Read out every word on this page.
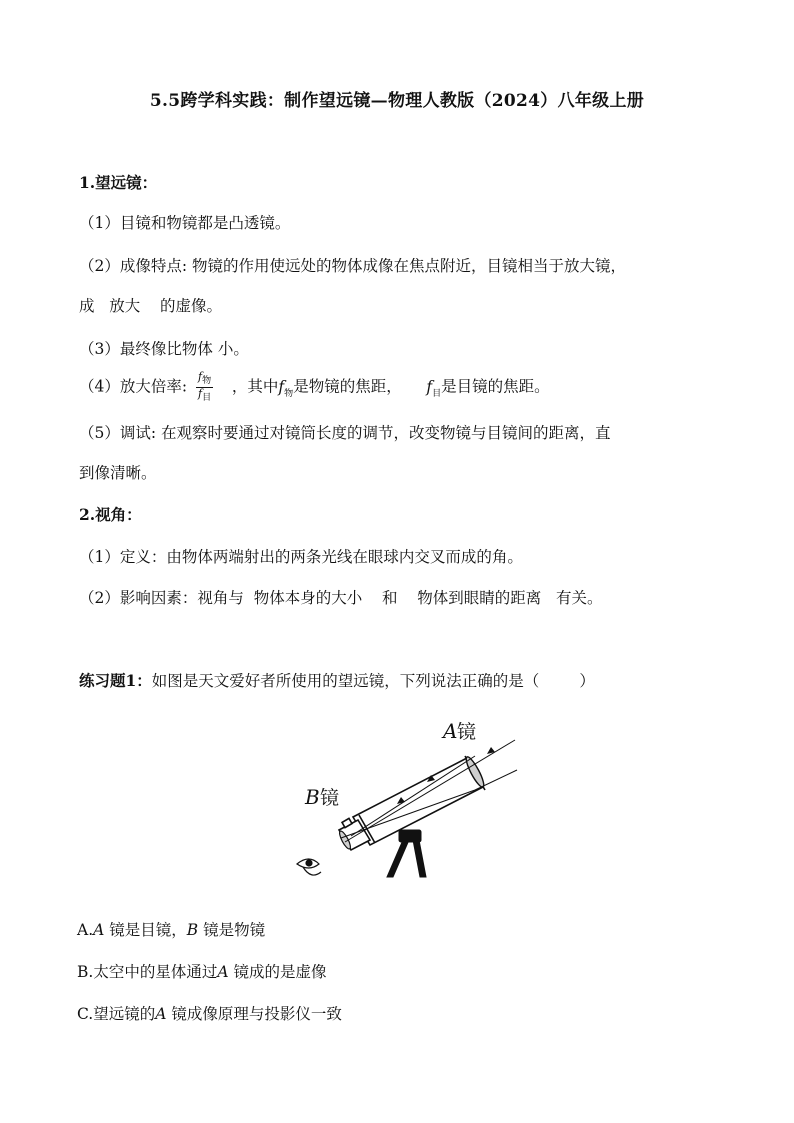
5.5跨学科实践：制作望远镜—物理人教版（2024）八年级上册
1.望远镜：
（1）目镜和物镜都是凸透镜。
（2）成像特点: 物镜的作用使远处的物体成像在焦点附近，目镜相当于放大镜，
成 放大 的虚像。
（3）最终像比物体 小。
（4）放大倍率: $\frac{f_物}{f_目}$ ，其中$f_物$是物镜的焦距， $f_目$是目镜的焦距。
（5）调试: 在观察时要通过对镜筒长度的调节，改变物镜与目镜间的距离，直
到像清晰。
2.视角：
（1）定义：由物体两端射出的两条光线在眼球内交叉而成的角。
（2）影响因素：视角与 物体本身的大小 和 物体到眼睛的距离 有关。
练习题1：如图是天文爱好者所使用的望远镜，下列说法正确的是（	）
A 镜
B 镜
A.A 镜是目镜，B 镜是物镜
B.太空中的星体通过A 镜成的是虚像
C.望远镜的A 镜成像原理与投影仪一致
